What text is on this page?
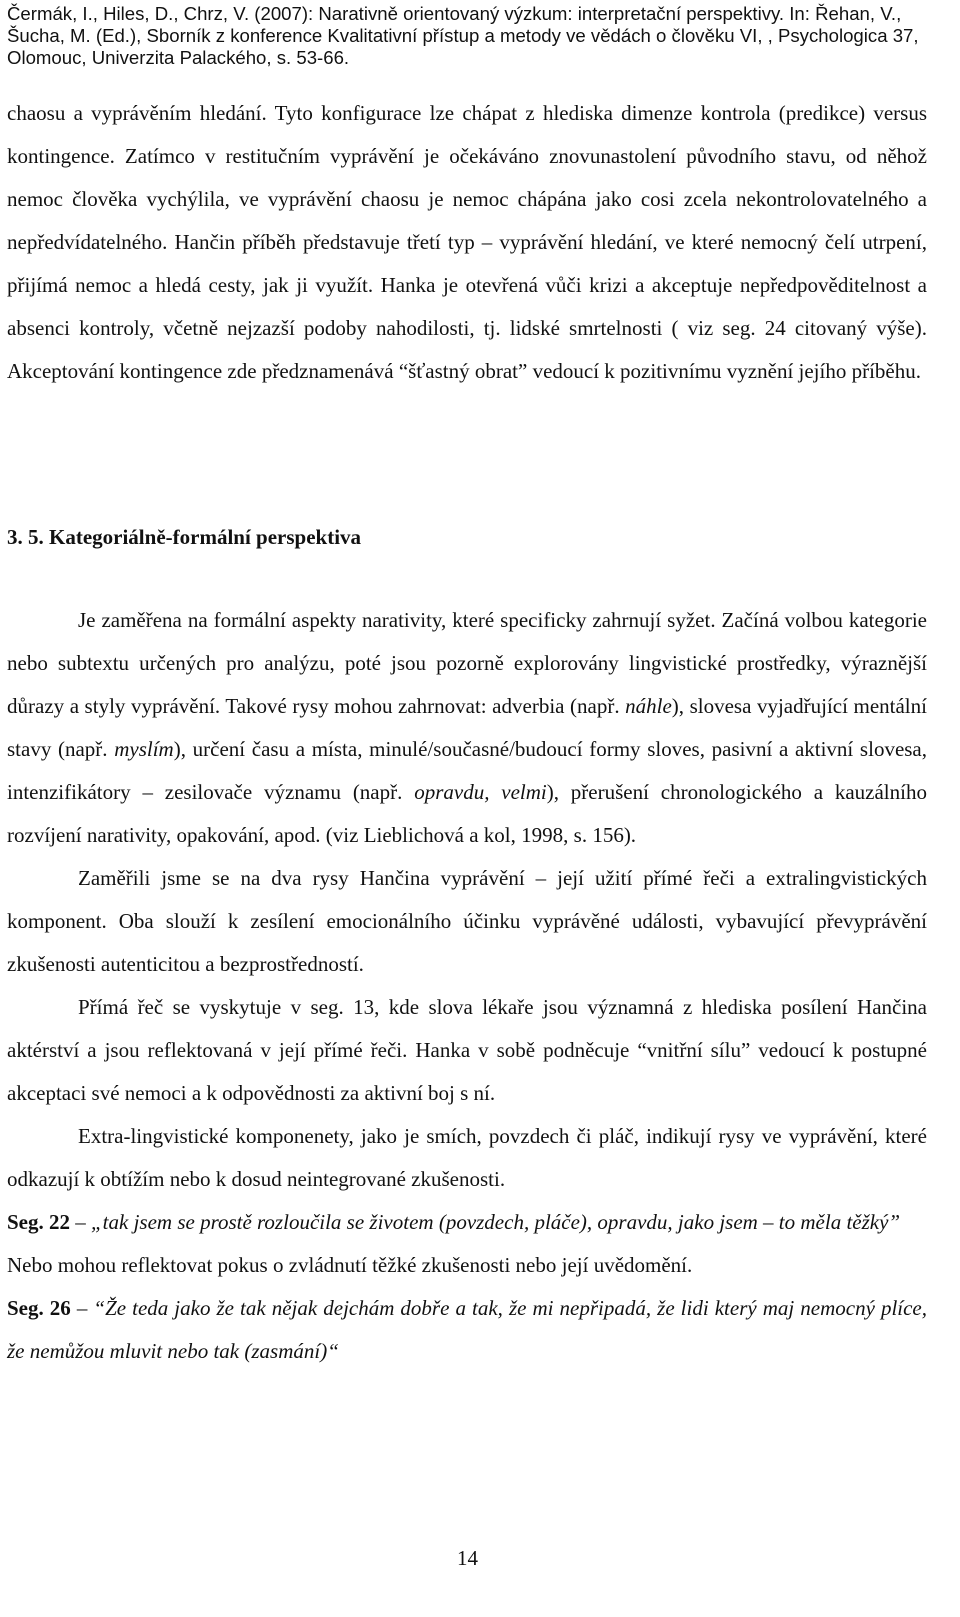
Čermák, I., Hiles, D., Chrz, V. (2007): Narativně orientovaný výzkum: interpretační perspektivy. In: Řehan, V.,
Šucha, M. (Ed.), Sborník z konference Kvalitativní přístup a metody ve vědách o člověku VI, , Psychologica 37,
Olomouc, Univerzita Palackého, s. 53-66.

chaosu a vyprávěním hledání. Tyto konfigurace lze chápat z hlediska dimenze kontrola (predikce) versus kontingence. Zatímco v restitučním vyprávění je očekáváno znovunastolení původního stavu, od něhož nemoc člověka vychýlila, ve vyprávění chaosu je nemoc chápána jako cosi zcela nekontrolovatelného a nepředvídatelného. Hančin příběh představuje třetí typ – vyprávění hledání, ve které nemocný čelí utrpení, přijímá nemoc a hledá cesty, jak ji využít. Hanka je otevřená vůči krizi a akceptuje nepředpověditelnost a absenci kontroly, včetně nejzazší podoby nahodilosti, tj. lidské smrtelnosti ( viz seg. 24 citovaný výše). Akceptování kontingence zde předznamenává “šťastný obrat” vedoucí k pozitivnímu vyznění jejího příběhu.

3. 5. Kategoriálně-formální perspektiva

Je zaměřena na formální aspekty narativity, které specificky zahrnují syžet. Začíná volbou kategorie nebo subtextu určených pro analýzu, poté jsou pozorně explorovány lingvistické prostředky, výraznější důrazy a styly vyprávění. Takové rysy mohou zahrnovat: adverbia (např. náhle), slovesa vyjadřující mentální stavy (např. myslím), určení času a místa, minulé/současné/budoucí formy sloves, pasivní a aktivní slovesa, intenzifikátory – zesilovače významu (např. opravdu, velmi), přerušení chronologického a kauzálního rozvíjení narativity, opakování, apod. (viz Lieblichová a kol, 1998, s. 156).

Zaměřili jsme se na dva rysy Hančina vyprávění – její užití přímé řeči a extralingvistických komponent. Oba slouží k zesílení emocionálního účinku vyprávěné události, vybavující převyprávění zkušenosti autenticitou a bezprostředností.

Přímá řeč se vyskytuje v seg. 13, kde slova lékaře jsou významná z hlediska posílení Hančina aktérství a jsou reflektovaná v její přímé řeči. Hanka v sobě podněcuje “vnitřní sílu” vedoucí k postupné akceptaci své nemoci a k odpovědnosti za aktivní boj s ní.

Extra-lingvistické komponenety, jako je smích, povzdech či pláč, indikují rysy ve vyprávění, které odkazují k obtížím nebo k dosud neintegrované zkušenosti.

Seg. 22 – „tak jsem se prostě rozloučila se životem (povzdech, pláče), opravdu, jako jsem – to měla těžký”

Nebo mohou reflektovat pokus o zvládnutí těžké zkušenosti nebo její uvědomění.

Seg. 26 – “Že teda jako že tak nějak dejchám dobře a tak, že mi nepřipadá, že lidi který maj nemocný plíce, že nemůžou mluvit nebo tak (zasmání)“

14
